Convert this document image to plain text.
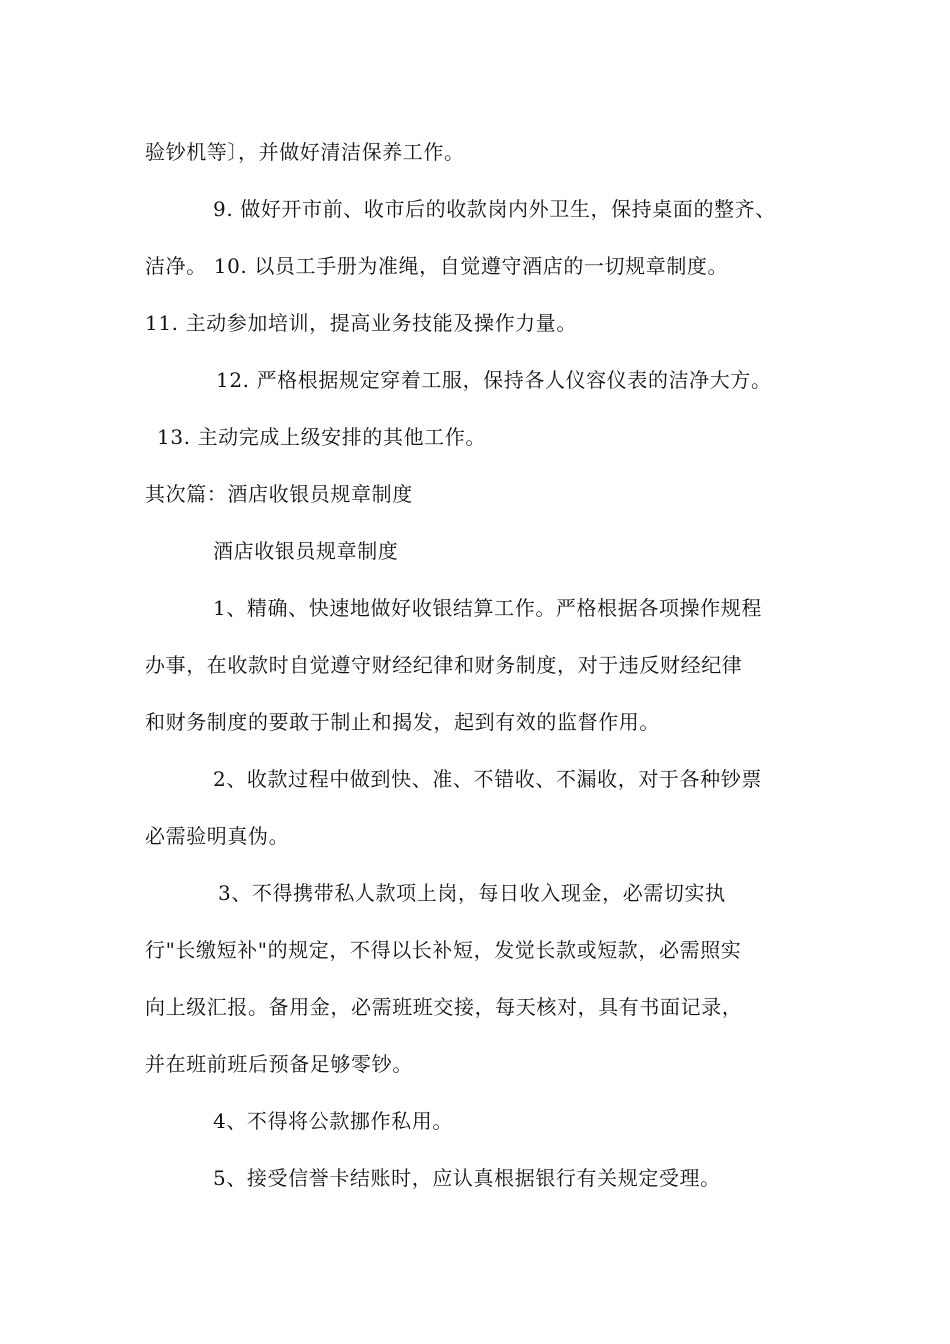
验钞机等〕，并做好清洁保养工作。
9. 做好开市前、收市后的收款岗内外卫生，保持桌面的整齐、
洁净。 10. 以员工手册为准绳，自觉遵守酒店的一切规章制度。
11. 主动参加培训，提高业务技能及操作力量。
12. 严格根据规定穿着工服，保持各人仪容仪表的洁净大方。
13. 主动完成上级安排的其他工作。
其次篇：酒店收银员规章制度
酒店收银员规章制度
1、精确、快速地做好收银结算工作。严格根据各项操作规程
办事，在收款时自觉遵守财经纪律和财务制度，对于违反财经纪律
和财务制度的要敢于制止和揭发，起到有效的监督作用。
2、收款过程中做到快、准、不错收、不漏收，对于各种钞票
必需验明真伪。
3、不得携带私人款项上岗，每日收入现金，必需切实执
行"长缴短补"的规定，不得以长补短，发觉长款或短款，必需照实
向上级汇报。备用金，必需班班交接，每天核对，具有书面记录，
并在班前班后预备足够零钞。
4、不得将公款挪作私用。
5、接受信誉卡结账时，应认真根据银行有关规定受理。
